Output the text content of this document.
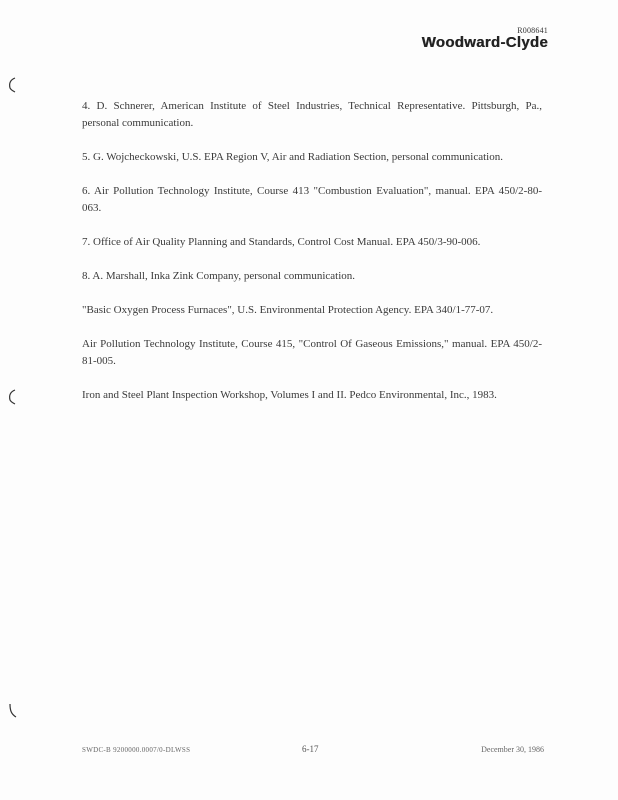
R008641
Woodward-Clyde
4. D. Schnerer, American Institute of Steel Industries, Technical Representative. Pittsburgh, Pa., personal communication.
5. G. Wojcheckowski, U.S. EPA Region V, Air and Radiation Section, personal communication.
6. Air Pollution Technology Institute, Course 413 "Combustion Evaluation", manual. EPA 450/2-80-063.
7. Office of Air Quality Planning and Standards, Control Cost Manual. EPA 450/3-90-006.
8. A. Marshall, Inka Zink Company, personal communication.
"Basic Oxygen Process Furnaces", U.S. Environmental Protection Agency. EPA 340/1-77-07.
Air Pollution Technology Institute, Course 415, "Control Of Gaseous Emissions," manual. EPA 450/2-81-005.
Iron and Steel Plant Inspection Workshop, Volumes I and II. Pedco Environmental, Inc., 1983.
SWDC-B 9200000.0007/0-DLWSS	6-17	December 30, 1986
